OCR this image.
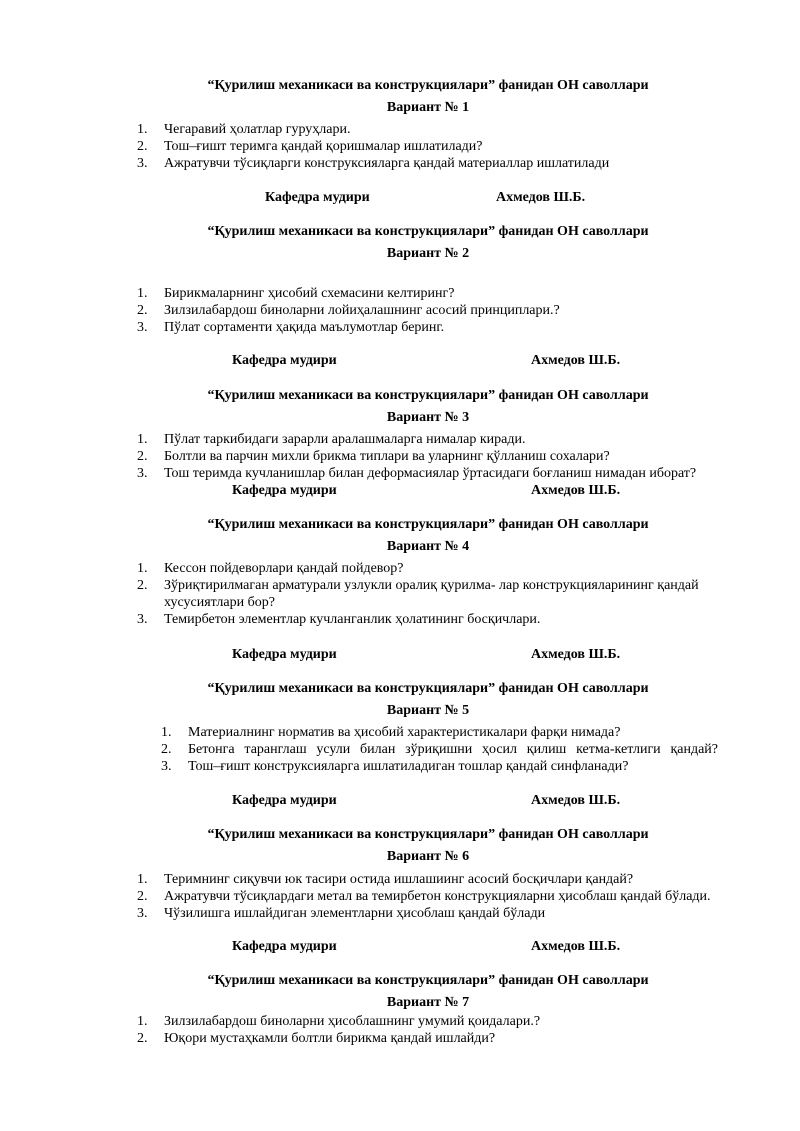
“Қурилиш механикаси ва конструкциялари” фанидан ОН саволлари
Вариант № 1
1. Чегаравий ҳолатлар гуруҳлари.
2. Тош–ғишт теримга қандай қоришмалар ишлатилади?
3. Ажратувчи тўсиқларги конструксияларга қандай материаллар ишлатилади
Кафедра мудири	Ахмедов Ш.Б.
“Қурилиш механикаси ва конструкциялари” фанидан ОН саволлари
Вариант № 2
1. Бирикмаларнинг ҳисобий схемасини келтиринг?
2. Зилзилабардош биноларни лойиҳалашнинг асосий принциплари.?
3. Пўлат сортаменти ҳақида маълумотлар беринг.
Кафедра мудири	Ахмедов Ш.Б.
“Қурилиш механикаси ва конструкциялари” фанидан ОН саволлари
Вариант № 3
1. Пўлат таркибидаги зарарли аралашмаларга нималар киради.
2. Болтли ва парчин михли брикма типлари ва уларнинг қўлланиш сохалари?
3. Тош теримда кучланишлар билан деформасиялар ўртасидаги боғланиш нимадан иборат?
Кафедра мудири	Ахмедов Ш.Б.
“Қурилиш механикаси ва конструкциялари” фанидан ОН саволлари
Вариант № 4
1. Кессон пойдеворлари қандай пойдевор?
2. Зўриқтирилмаган арматурали узлукли оралиқ қурилма- лар конструкцияларининг қандай хусусиятлари бор?
3. Темирбетон элементлар кучланганлик ҳолатининг босқичлари.
Кафедра мудири	Ахмедов Ш.Б.
“Қурилиш механикаси ва конструкциялари” фанидан ОН саволлари
Вариант № 5
1. Материалнинг норматив ва ҳисобий характеристикалари фарқи нимада?
2. Бетонга таранглаш усули билан зўриқишни ҳосил қилиш кетма-кетлиги қандай?
3. Тош–ғишт конструксияларга ишлатиладиган тошлар қандай синфланади?
Кафедра мудири	Ахмедов Ш.Б.
“Қурилиш механикаси ва конструкциялари” фанидан ОН саволлари
Вариант № 6
1. Теримнинг сиқувчи юк тасири остида ишлашиинг асосий босқичлари қандай?
2. Ажратувчи тўсиқлардаги метал ва темирбетон конструкцияларни ҳисоблаш қандай бўлади.
3. Чўзилишга ишлайдиган элементларни ҳисоблаш қандай бўлади
Кафедра мудири	Ахмедов Ш.Б.
“Қурилиш механикаси ва конструкциялари” фанидан ОН саволлари
Вариант № 7
1. Зилзилабардош биноларни ҳисоблашнинг умумий қоидалари.?
2. Юқори мустаҳкамли болтли бирикма қандай ишлайди?
